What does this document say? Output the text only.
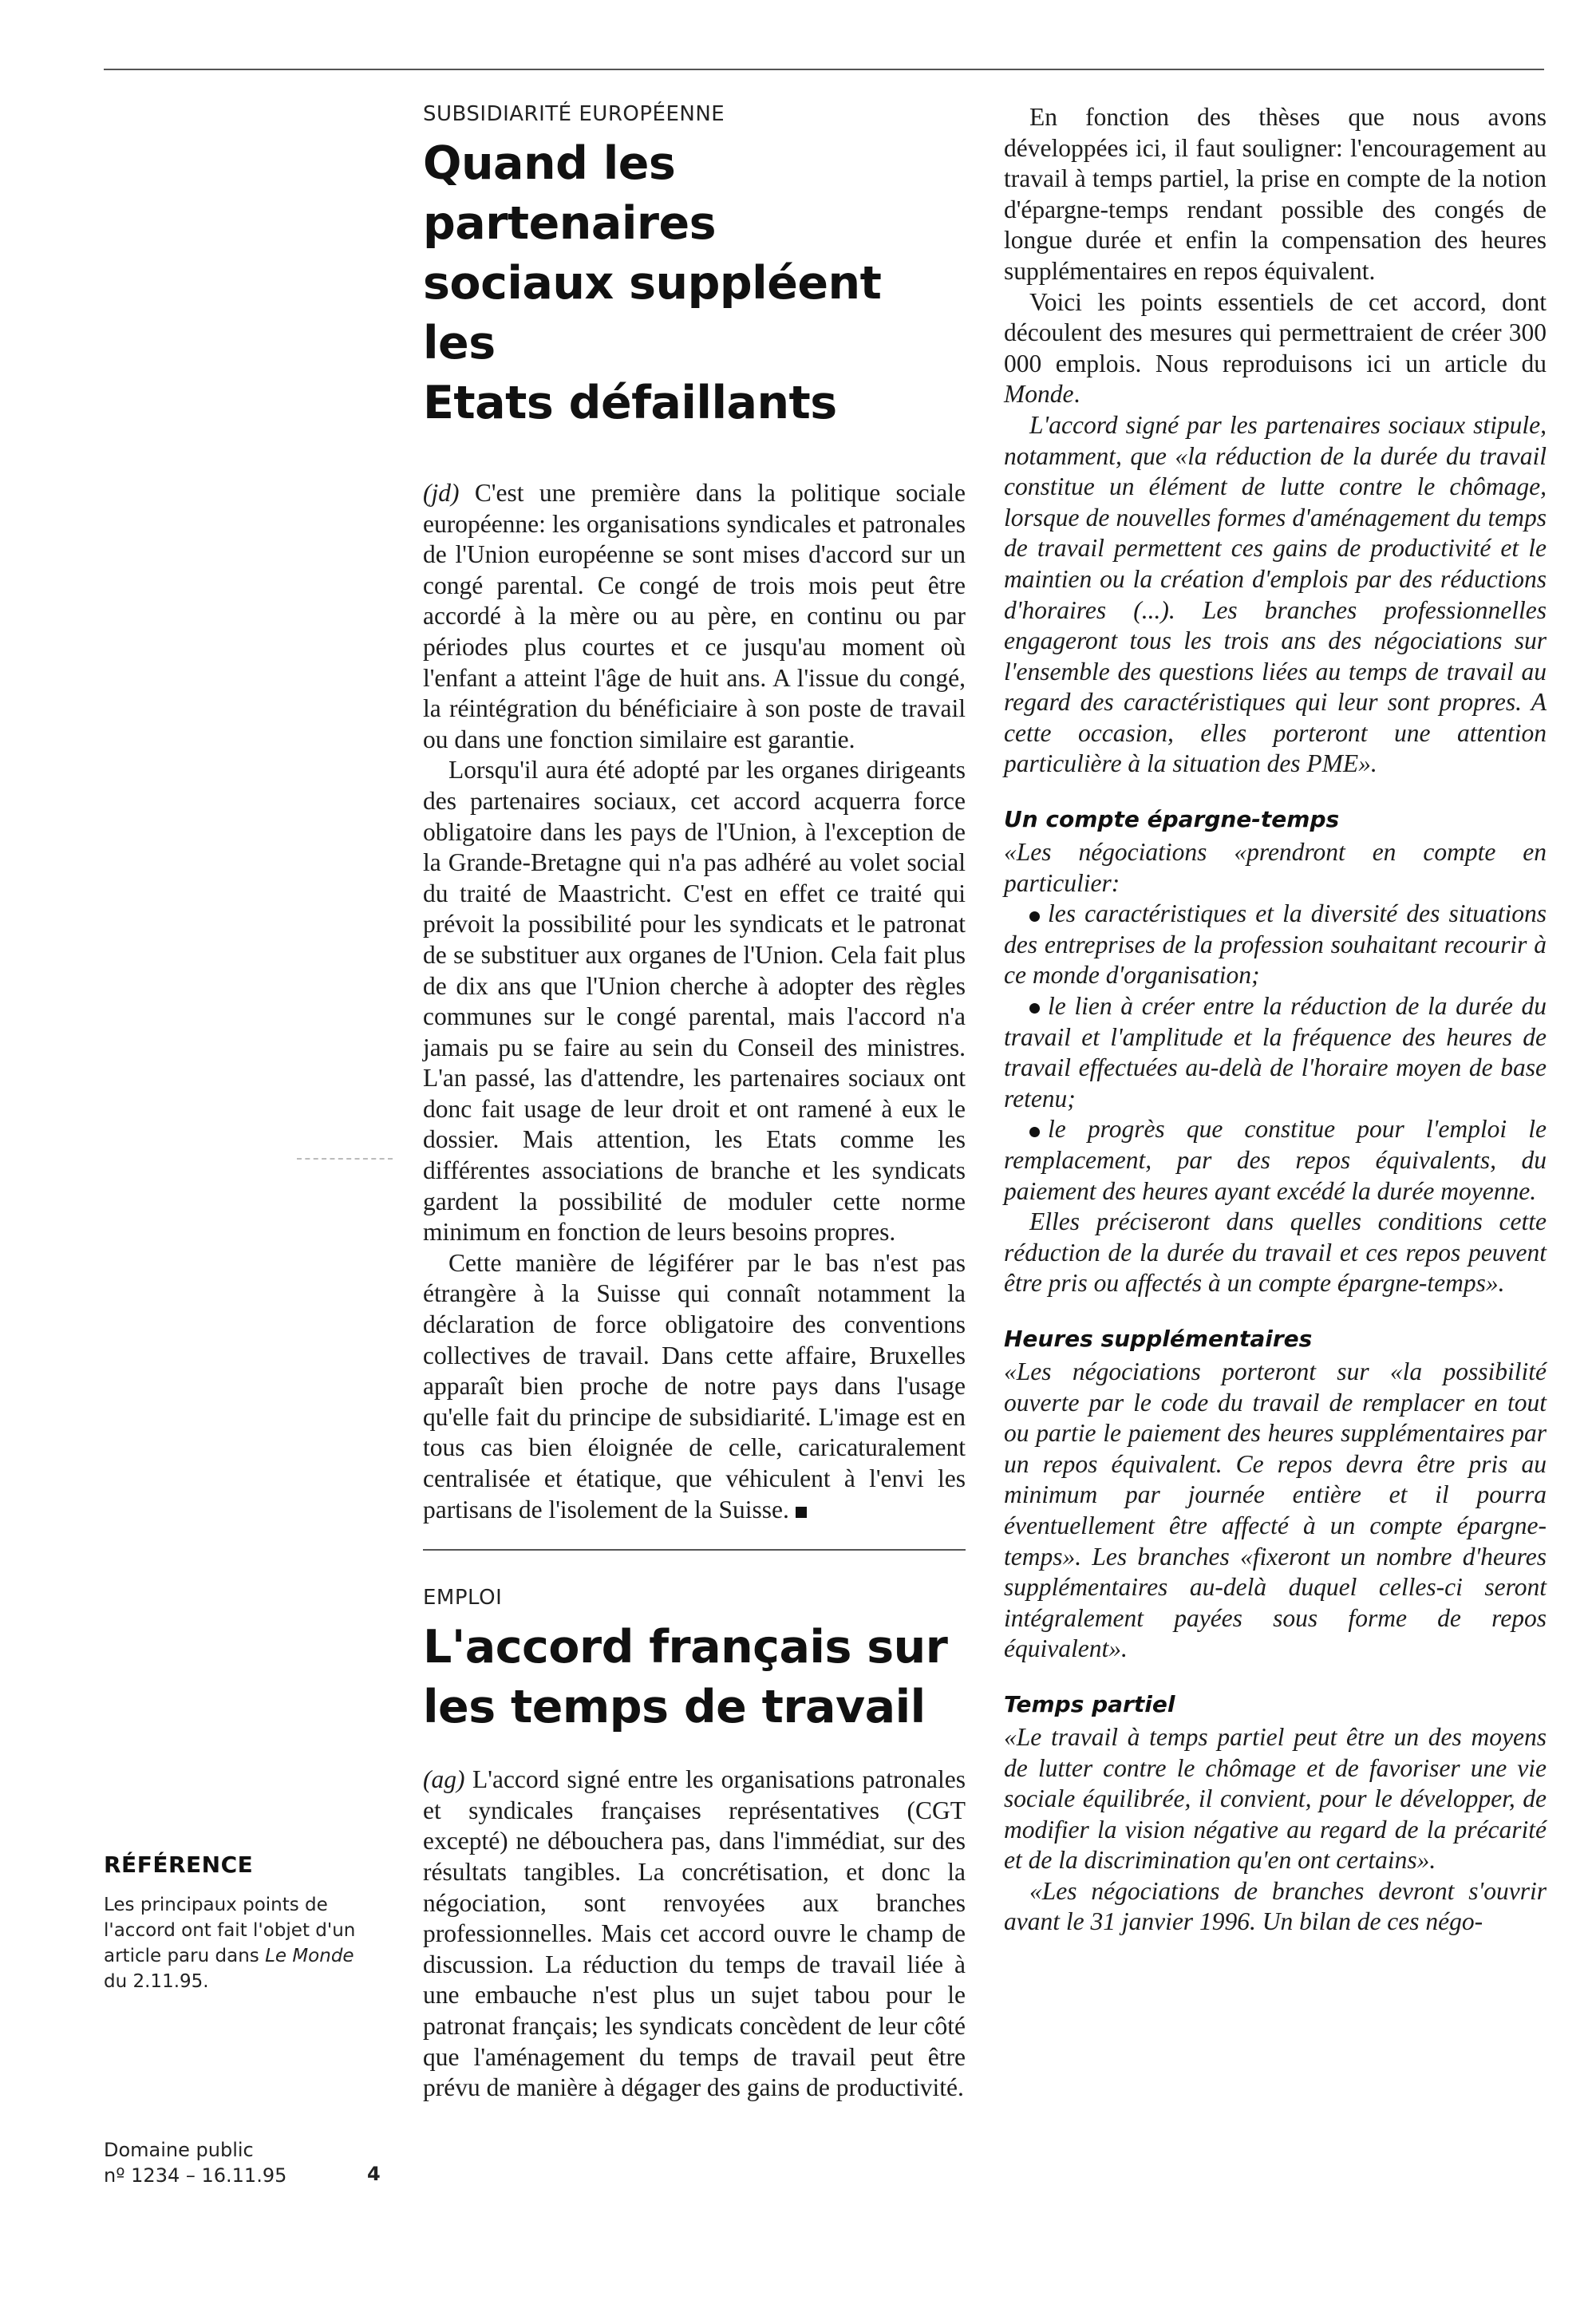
SUBSIDIARITÉ EUROPÉENNE
Quand les partenaires
sociaux suppléent les
Etats défaillants

(jd) C'est une première dans la politique sociale européenne: les organisations syndicales et patronales de l'Union européenne se sont mises d'accord sur un congé parental. Ce congé de trois mois peut être accordé à la mère ou au père, en continu ou par périodes plus courtes et ce jusqu'au moment où l'enfant a atteint l'âge de huit ans. A l'issue du congé, la réintégration du bénéficiaire à son poste de travail ou dans une fonction similaire est garantie.

Lorsqu'il aura été adopté par les organes dirigeants des partenaires sociaux, cet accord acquerra force obligatoire dans les pays de l'Union, à l'exception de la Grande-Bretagne qui n'a pas adhéré au volet social du traité de Maastricht. C'est en effet ce traité qui prévoit la possibilité pour les syndicats et le patronat de se substituer aux organes de l'Union. Cela fait plus de dix ans que l'Union cherche à adopter des règles communes sur le congé parental, mais l'accord n'a jamais pu se faire au sein du Conseil des ministres. L'an passé, las d'attendre, les partenaires sociaux ont donc fait usage de leur droit et ont ramené à eux le dossier. Mais attention, les Etats comme les différentes associations de branche et les syndicats gardent la possibilité de moduler cette norme minimum en fonction de leurs besoins propres.

Cette manière de légiférer par le bas n'est pas étrangère à la Suisse qui connaît notamment la déclaration de force obligatoire des conventions collectives de travail. Dans cette affaire, Bruxelles apparaît bien proche de notre pays dans l'usage qu'elle fait du principe de subsidiarité. L'image est en tous cas bien éloignée de celle, caricaturalement centralisée et étatique, que véhiculent à l'envi les partisans de l'isolement de la Suisse.

EMPLOI
L'accord français sur
les temps de travail

(ag) L'accord signé entre les organisations patronales et syndicales françaises représentatives (CGT excepté) ne débouchera pas, dans l'immédiat, sur des résultats tangibles. La concrétisation, et donc la négociation, sont renvoyées aux branches professionnelles. Mais cet accord ouvre le champ de discussion. La réduction du temps de travail liée à une embauche n'est plus un sujet tabou pour le patronat français; les syndicats concèdent de leur côté que l'aménagement du temps de travail peut être prévu de manière à dégager des gains de productivité.

En fonction des thèses que nous avons développées ici, il faut souligner: l'encouragement au travail à temps partiel, la prise en compte de la notion d'épargne-temps rendant possible des congés de longue durée et enfin la compensation des heures supplémentaires en repos équivalent.

Voici les points essentiels de cet accord, dont découlent des mesures qui permettraient de créer 300 000 emplois. Nous reproduisons ici un article du Monde.

L'accord signé par les partenaires sociaux stipule, notamment, que «la réduction de la durée du travail constitue un élément de lutte contre le chômage, lorsque de nouvelles formes d'aménagement du temps de travail permettent ces gains de productivité et le maintien ou la création d'emplois par des réductions d'horaires (...). Les branches professionnelles engageront tous les trois ans des négociations sur l'ensemble des questions liées au temps de travail au regard des caractéristiques qui leur sont propres. A cette occasion, elles porteront une attention particulière à la situation des PME».

Un compte épargne-temps

«Les négociations «prendront en compte en particulier:

les caractéristiques et la diversité des situations des entreprises de la profession souhaitant recourir à ce monde d'organisation;

le lien à créer entre la réduction de la durée du travail et l'amplitude et la fréquence des heures de travail effectuées au-delà de l'horaire moyen de base retenu;

le progrès que constitue pour l'emploi le remplacement, par des repos équivalents, du paiement des heures ayant excédé la durée moyenne.

Elles préciseront dans quelles conditions cette réduction de la durée du travail et ces repos peuvent être pris ou affectés à un compte épargne-temps».

Heures supplémentaires

«Les négociations porteront sur «la possibilité ouverte par le code du travail de remplacer en tout ou partie le paiement des heures supplémentaires par un repos équivalent. Ce repos devra être pris au minimum par journée entière et il pourra éventuellement être affecté à un compte épargne-temps». Les branches «fixeront un nombre d'heures supplémentaires au-delà duquel celles-ci seront intégralement payées sous forme de repos équivalent».

Temps partiel

«Le travail à temps partiel peut être un des moyens de lutter contre le chômage et de favoriser une vie sociale équilibrée, il convient, pour le développer, de modifier la vision négative au regard de la précarité et de la discrimination qu'en ont certains».

«Les négociations de branches devront s'ouvrir avant le 31 janvier 1996. Un bilan de ces négo-

RÉFÉRENCE

Les principaux points de l'accord ont fait l'objet d'un article paru dans Le Monde du 2.11.95.

Domaine public
nº 1234 – 16.11.95	4
